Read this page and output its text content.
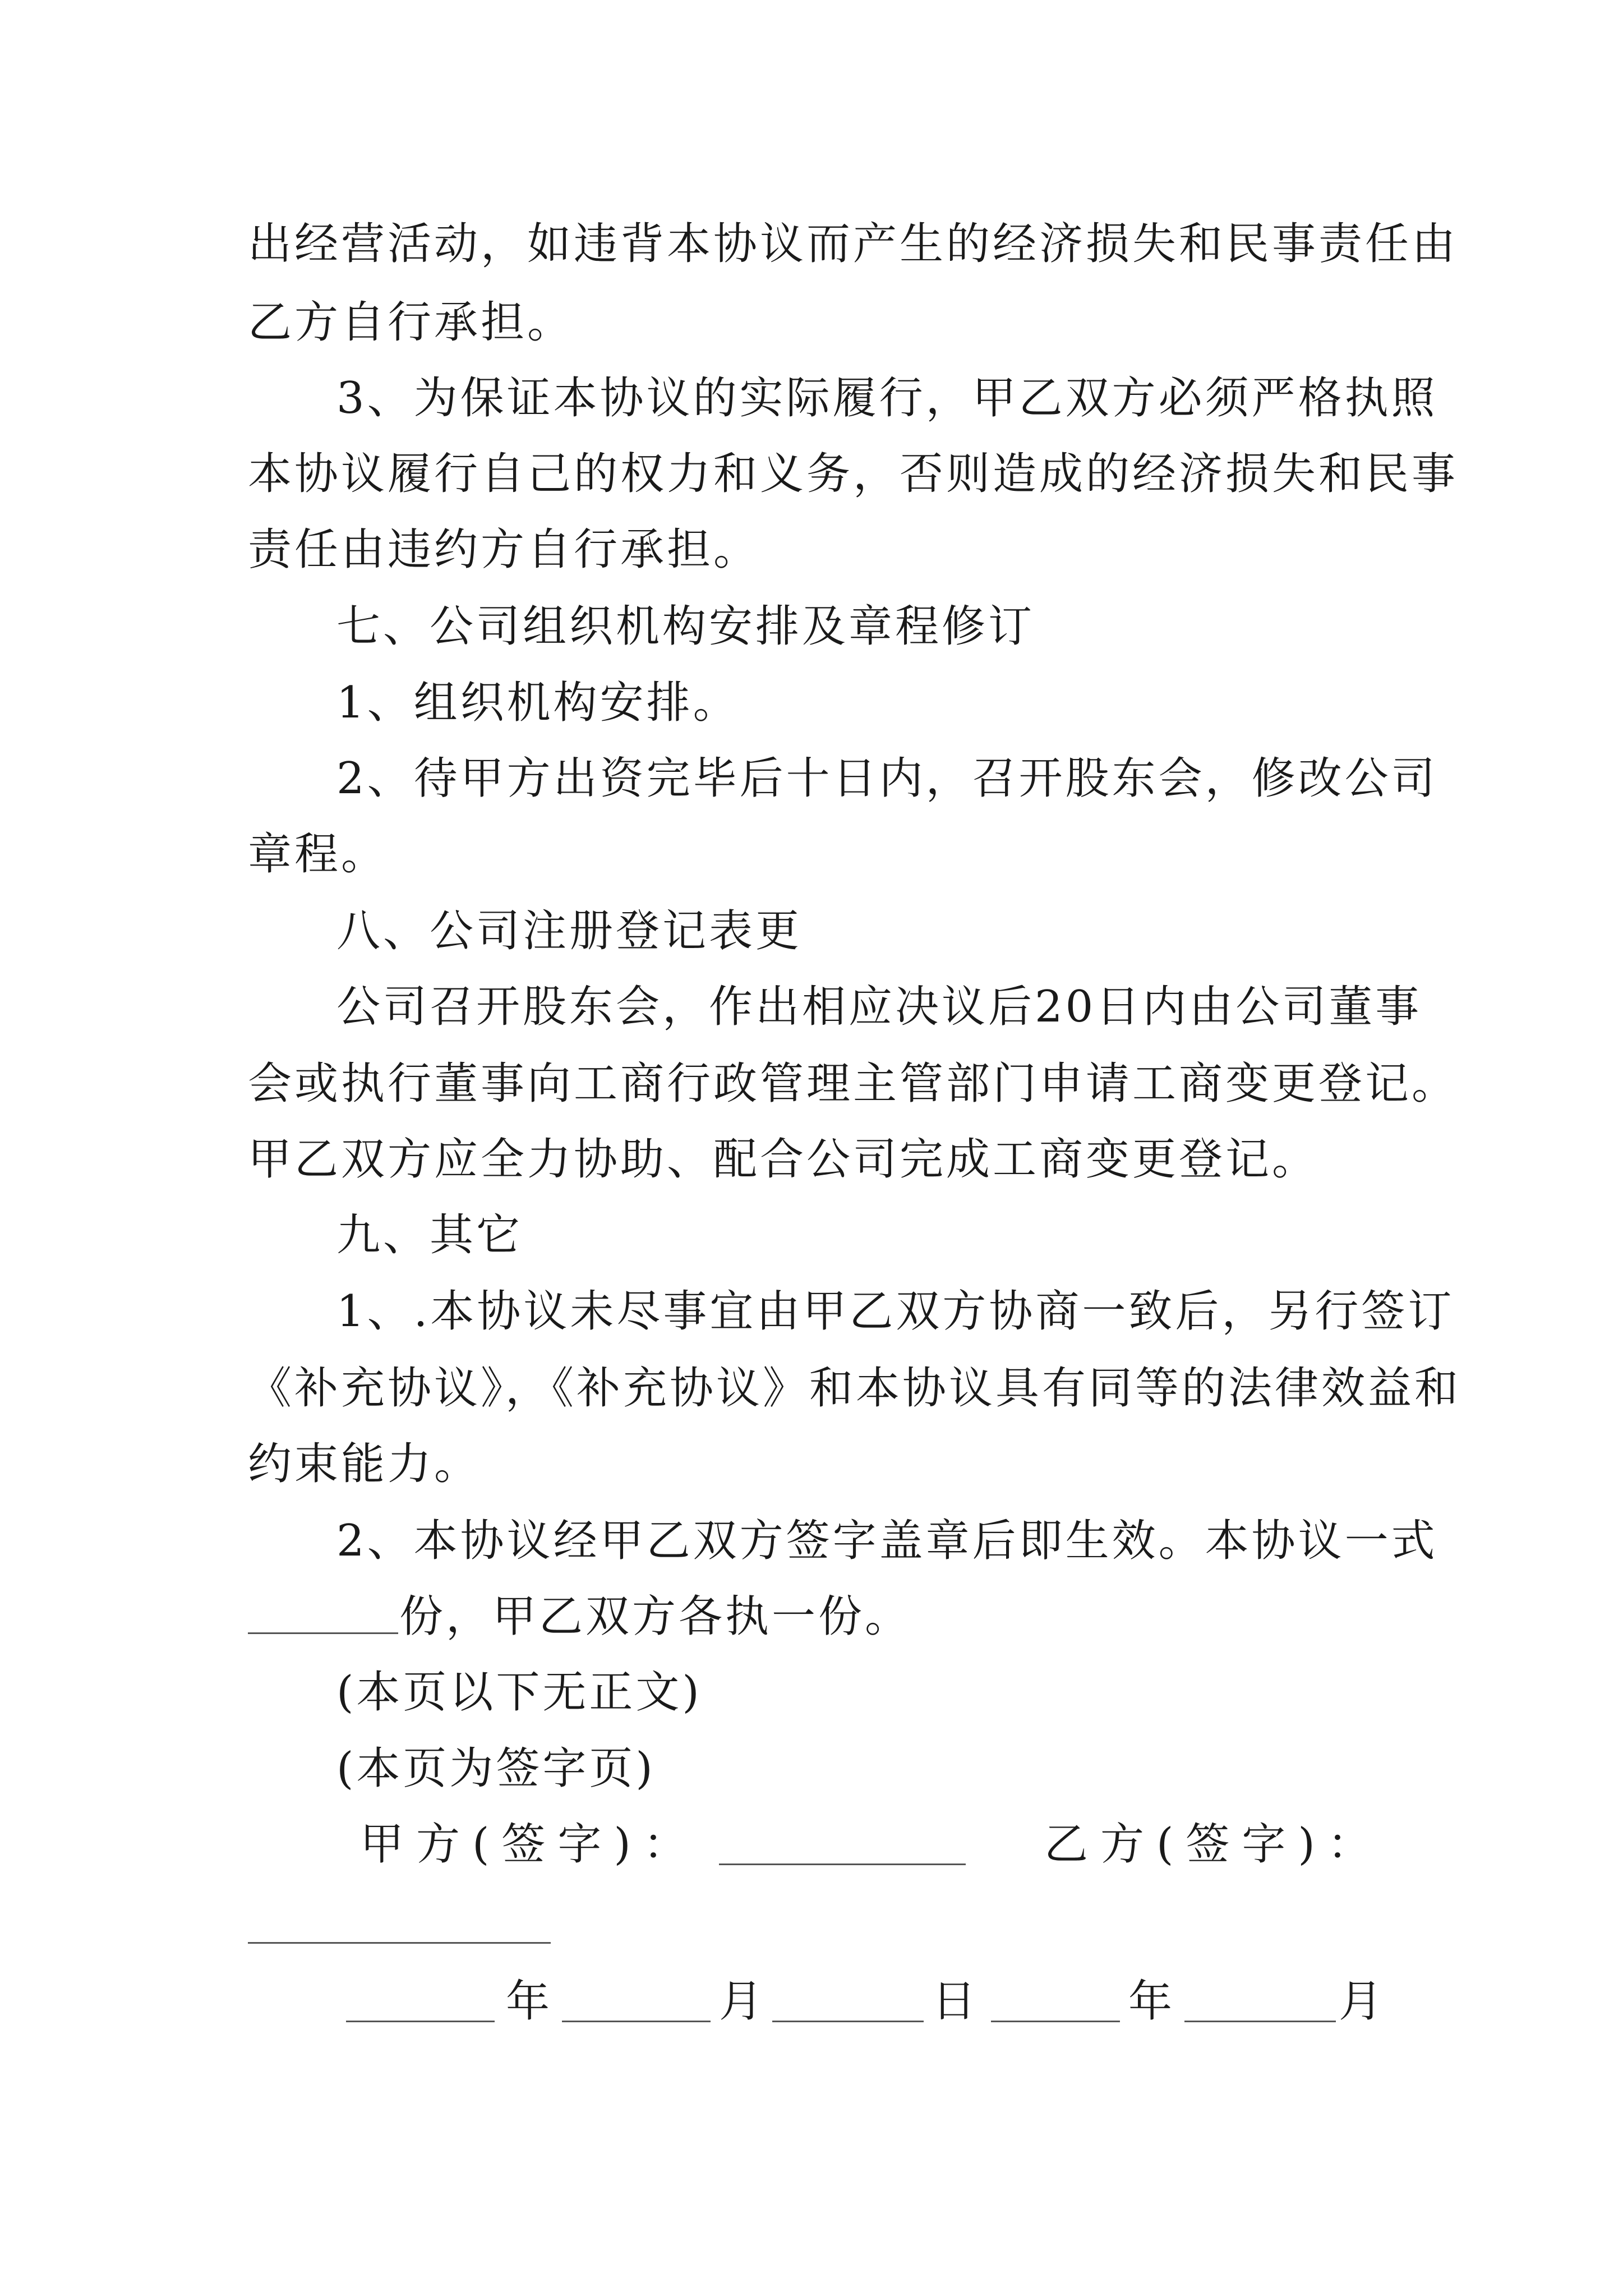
出经营活动，如违背本协议而产生的经济损失和民事责任由
乙方自行承担。
3、为保证本协议的实际履行，甲乙双方必须严格执照
本协议履行自己的权力和义务，否则造成的经济损失和民事
责任由违约方自行承担。
七、公司组织机构安排及章程修订
1、组织机构安排。
2、待甲方出资完毕后十日内，召开股东会，修改公司
章程。
八、公司注册登记表更
公司召开股东会，作出相应决议后20日内由公司董事
会或执行董事向工商行政管理主管部门申请工商变更登记。
甲乙双方应全力协助、配合公司完成工商变更登记。
九、其它
1、.本协议未尽事宜由甲乙双方协商一致后，另行签订
《补充协议》，《补充协议》和本协议具有同等的法律效益和
约束能力。
2、本协议经甲乙双方签字盖章后即生效。本协议一式
份，甲乙双方各执一份。
(本页以下无正文)
(本页为签字页)
甲方(签字)：	乙方(签字)：
年	月	日	年	月
